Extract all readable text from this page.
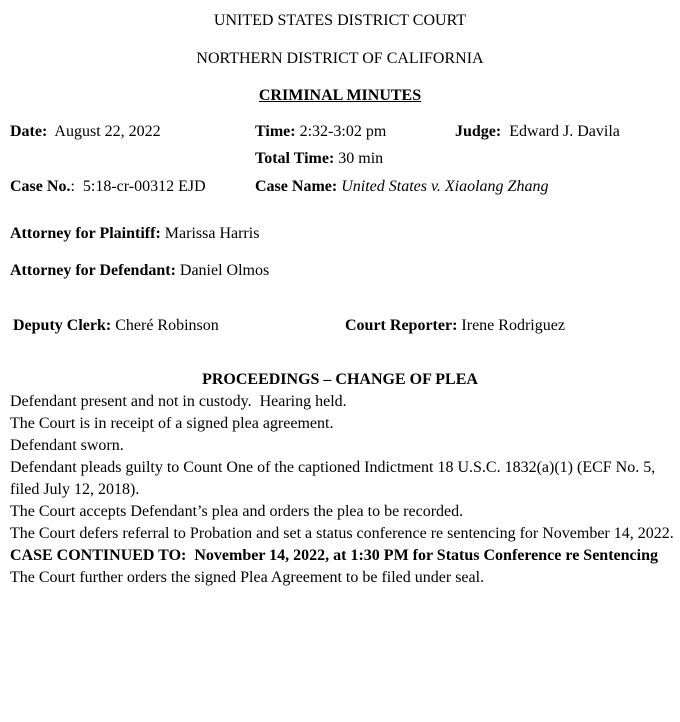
UNITED STATES DISTRICT COURT
NORTHERN DISTRICT OF CALIFORNIA
CRIMINAL MINUTES
Date:  August 22, 2022	Time: 2:32-3:02 pm	Judge:  Edward J. Davila
Total Time: 30 min
Case No.:  5:18-cr-00312 EJD	Case Name: United States v. Xiaolang Zhang
Attorney for Plaintiff: Marissa Harris
Attorney for Defendant: Daniel Olmos
Deputy Clerk: Cheré Robinson	Court Reporter: Irene Rodriguez
PROCEEDINGS – CHANGE OF PLEA

Defendant present and not in custody.  Hearing held.

The Court is in receipt of a signed plea agreement.

Defendant sworn.

Defendant pleads guilty to Count One of the captioned Indictment 18 U.S.C. 1832(a)(1) (ECF No. 5, filed July 12, 2018).

The Court accepts Defendant’s plea and orders the plea to be recorded.

The Court defers referral to Probation and set a status conference re sentencing for November 14, 2022.

CASE CONTINUED TO:  November 14, 2022, at 1:30 PM for Status Conference re Sentencing

The Court further orders the signed Plea Agreement to be filed under seal.
